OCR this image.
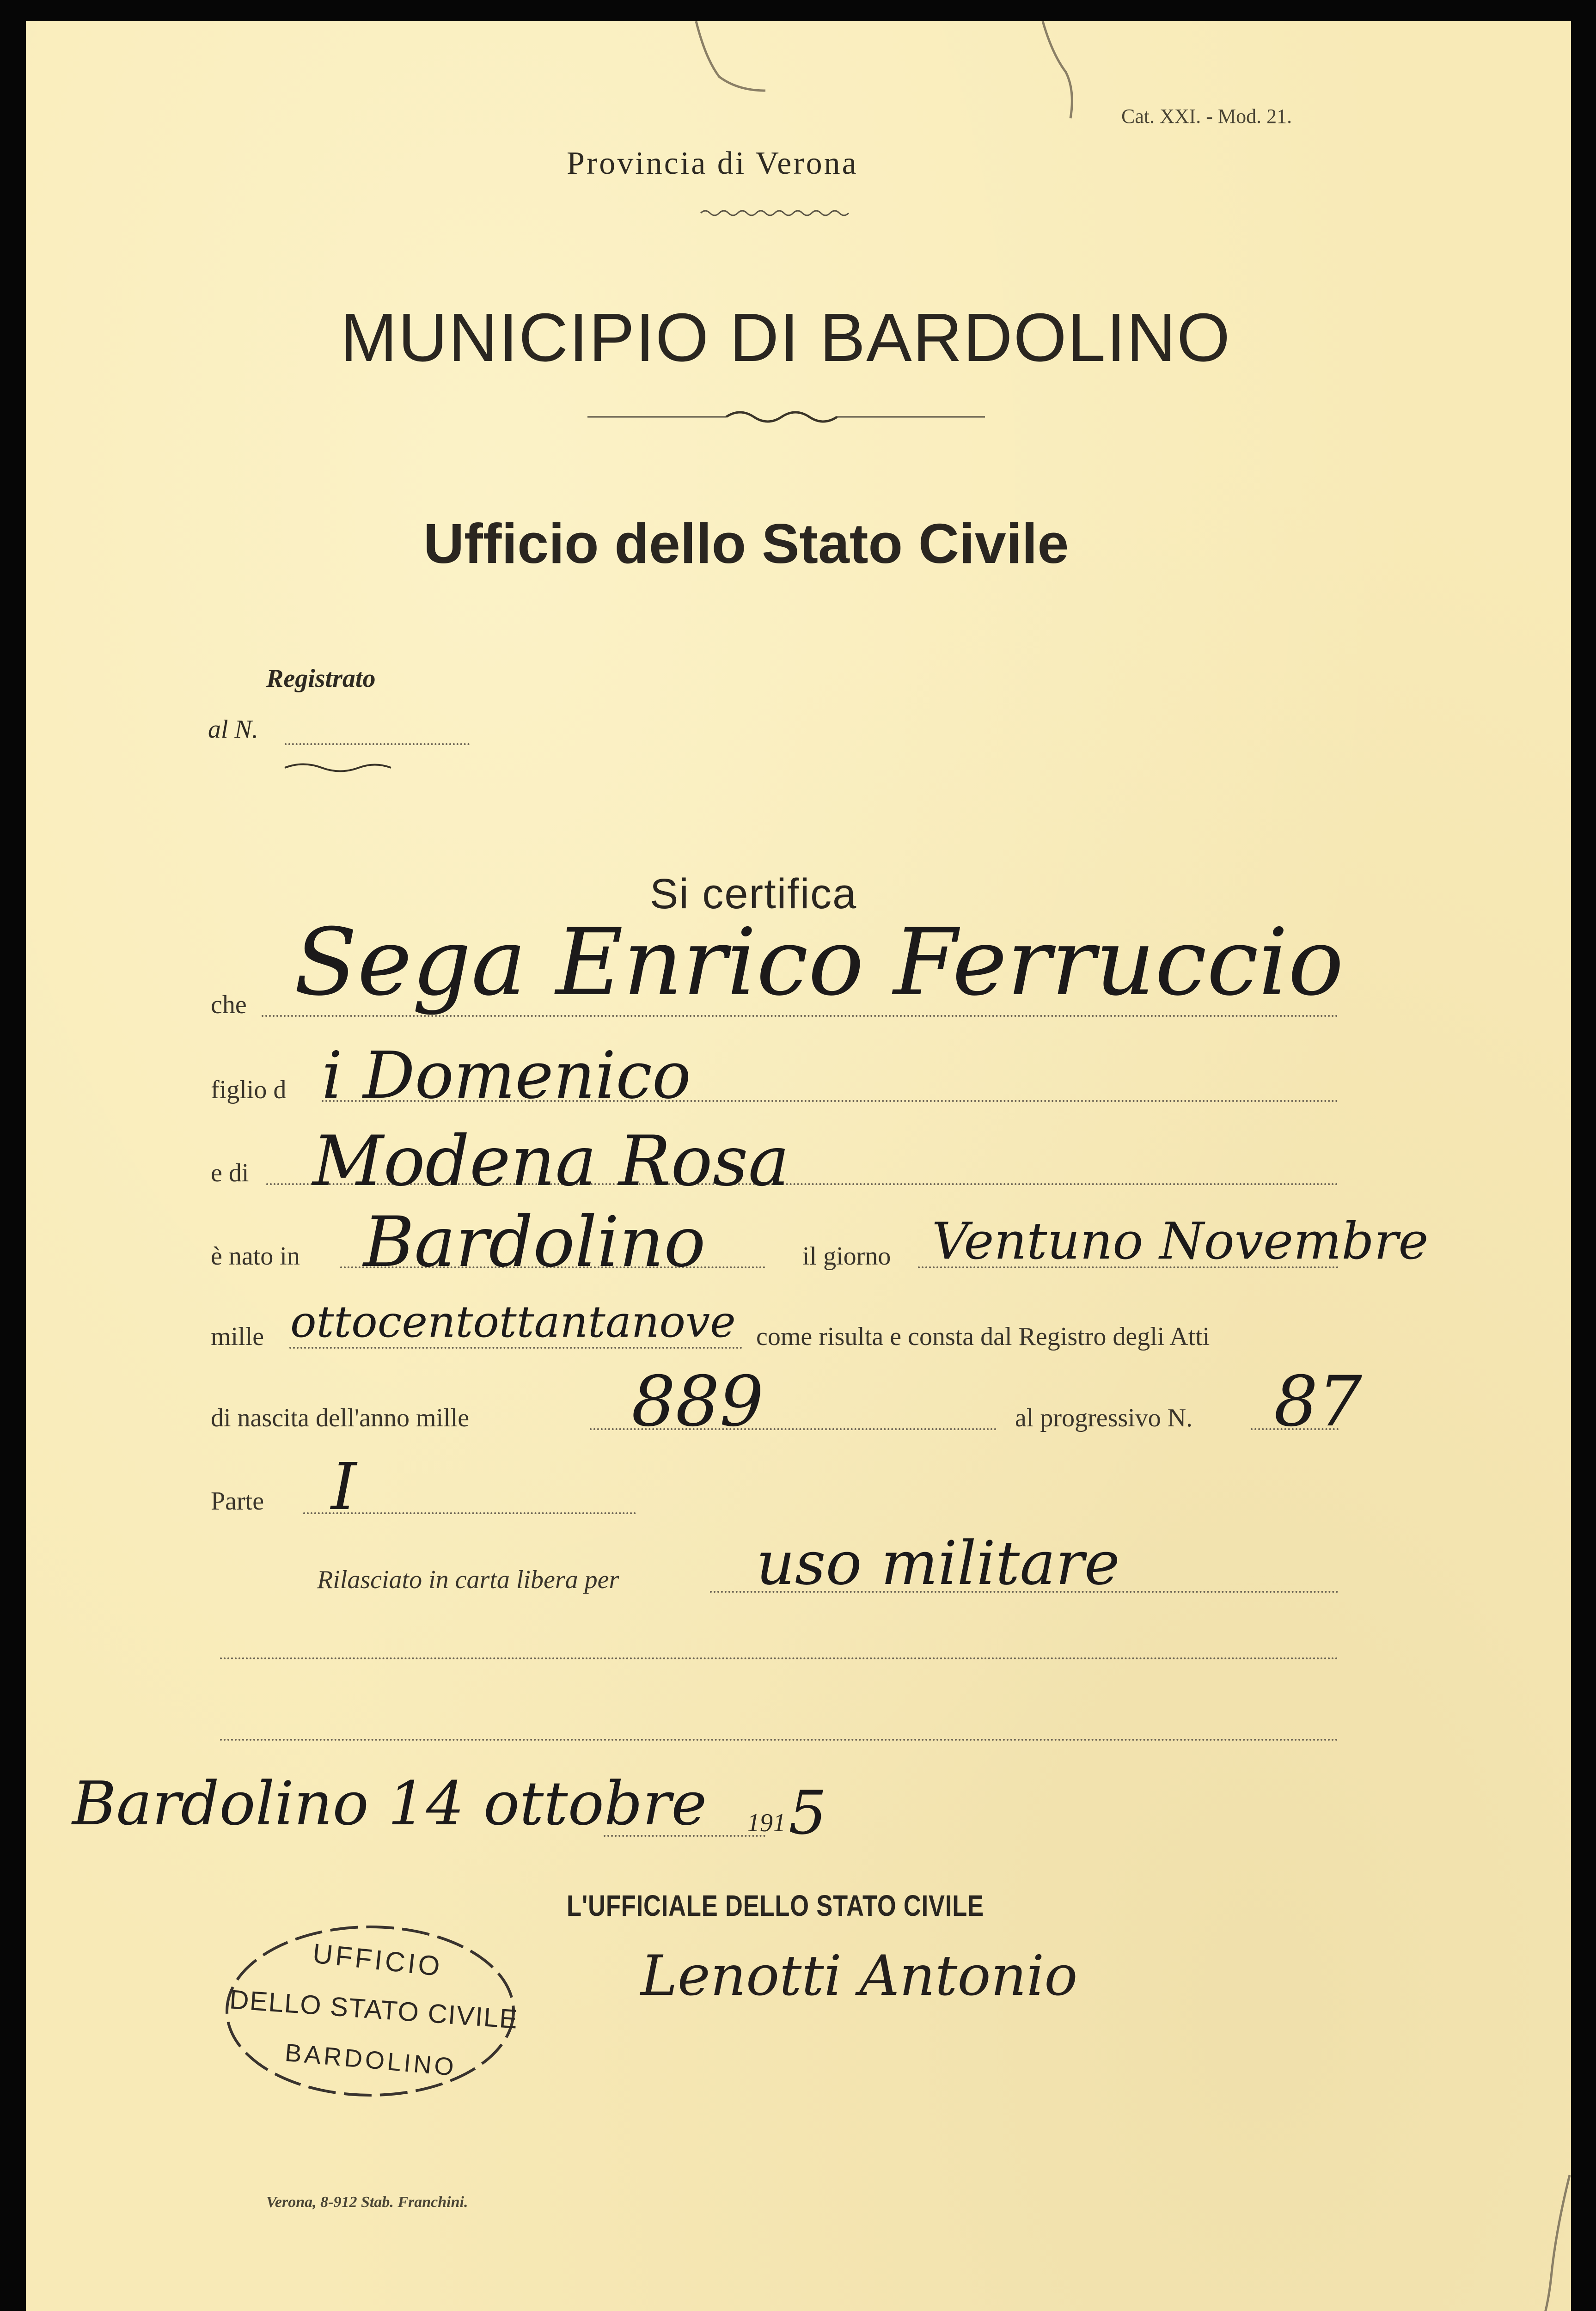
Cat. XXI. - Mod. 21.
Provincia di Verona
MUNICIPIO DI BARDOLINO
Ufficio dello Stato Civile
Registrato
al N.
Si certifica
che Sega Enrico Ferruccio
figlio d i Domenico
e di Modena Rosa
è nato in Bardolino	il giorno Ventuno Novembre
mille ottocentottantanove come risulta e consta dal Registro degli Atti
di nascita dell'anno mille 889	al progressivo N. 87
Parte I
Rilasciato in carta libera per uso militare
Bardolino 14 ottobre 191 5
L'UFFICIALE DELLO STATO CIVILE
Lenotti Antonio
UFFICIO
DELLO STATO CIVILE
BARDOLINO
Verona, 8-912 Stab. Franchini.
